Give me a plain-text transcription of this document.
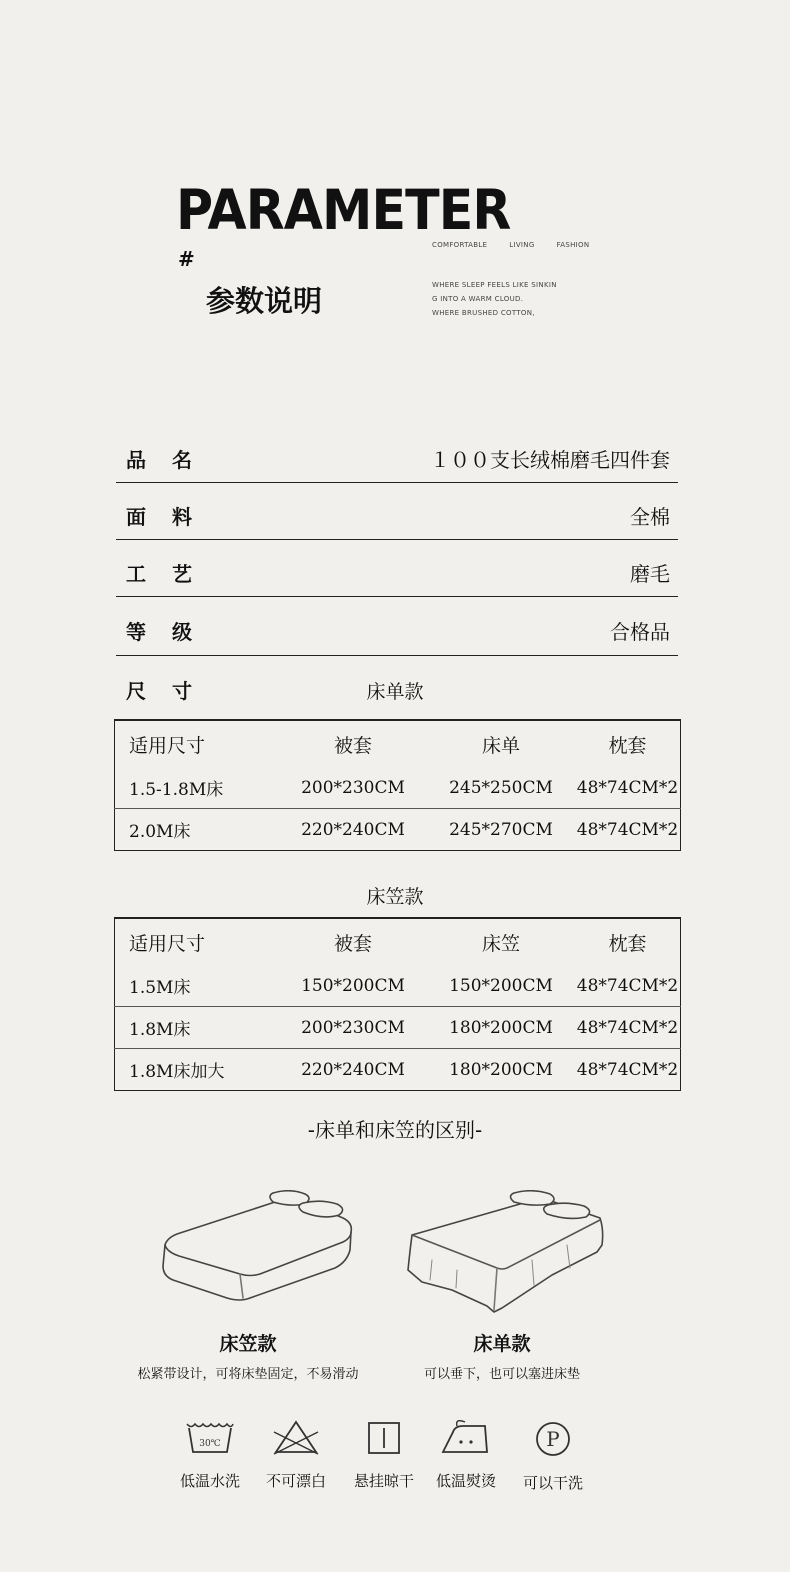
PARAMETER
#
参数说明
COMFORTABLE	LIVING	FASHION
WHERE SLEEP FEELS LIKE SINKIN
G INTO A WARM CLOUD.
WHERE BRUSHED COTTON,
品名	１００支长绒棉磨毛四件套
面料	全棉
工艺	磨毛
等级	合格品
尺寸	床单款
适用尺寸	被套	床单	枕套
1.5-1.8M床	200*230CM	245*250CM	48*74CM*2
2.0M床	220*240CM	245*270CM	48*74CM*2
床笠款
适用尺寸	被套	床笠	枕套
1.5M床	150*200CM	150*200CM	48*74CM*2
1.8M床	200*230CM	180*200CM	48*74CM*2
1.8M床加大	220*240CM	180*200CM	48*74CM*2
-床单和床笠的区别-
床笠款
松紧带设计，可将床垫固定，不易滑动
床单款
可以垂下，也可以塞进床垫
30℃
低温水洗	不可漂白	悬挂晾干	低温熨烫
P
可以干洗
